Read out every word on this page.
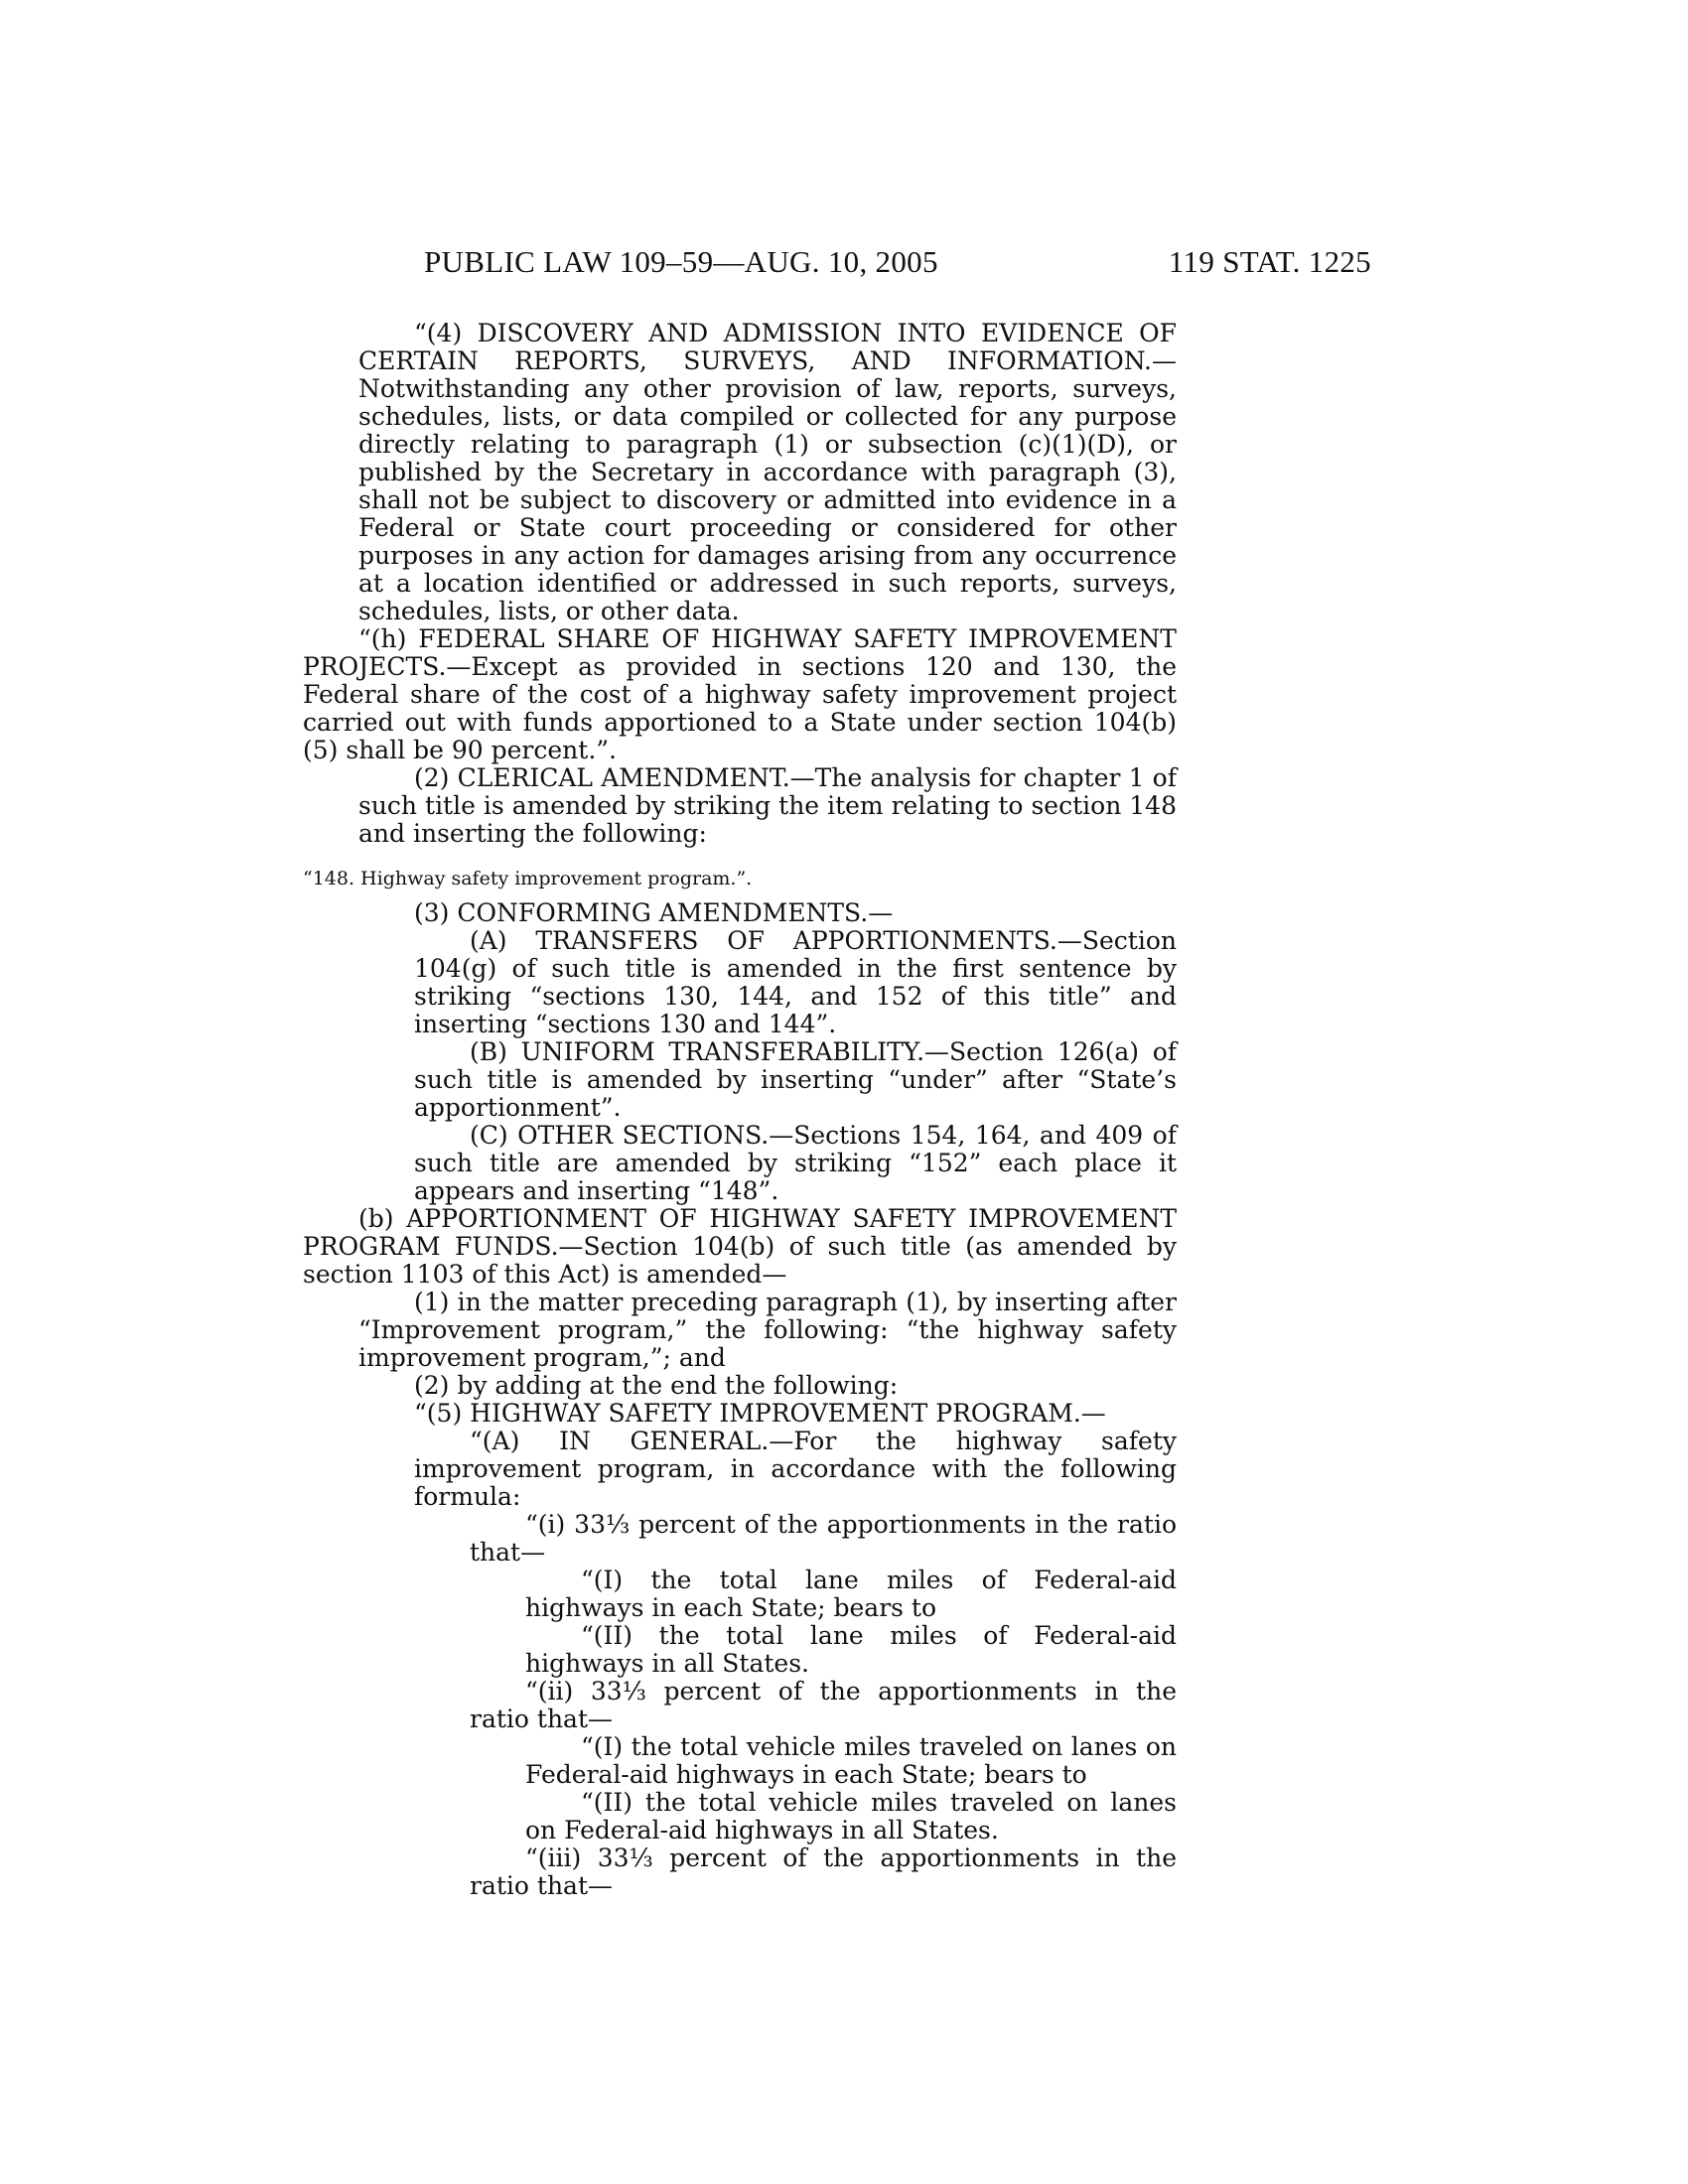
PUBLIC LAW 109–59—AUG. 10, 2005	119 STAT. 1225

“(4) DISCOVERY AND ADMISSION INTO EVIDENCE OF CERTAIN REPORTS, SURVEYS, AND INFORMATION.—Notwithstanding any other provision of law, reports, surveys, schedules, lists, or data compiled or collected for any purpose directly relating to paragraph (1) or subsection (c)(1)(D), or published by the Secretary in accordance with paragraph (3), shall not be subject to discovery or admitted into evidence in a Federal or State court proceeding or considered for other purposes in any action for damages arising from any occurrence at a location identified or addressed in such reports, surveys, schedules, lists, or other data.

“(h) FEDERAL SHARE OF HIGHWAY SAFETY IMPROVEMENT PROJECTS.—Except as provided in sections 120 and 130, the Federal share of the cost of a highway safety improvement project carried out with funds apportioned to a State under section 104(b)(5) shall be 90 percent.”.

(2) CLERICAL AMENDMENT.—The analysis for chapter 1 of such title is amended by striking the item relating to section 148 and inserting the following:

“148. Highway safety improvement program.”.

(3) CONFORMING AMENDMENTS.—

(A) TRANSFERS OF APPORTIONMENTS.—Section 104(g) of such title is amended in the first sentence by striking “sections 130, 144, and 152 of this title” and inserting “sections 130 and 144”.

(B) UNIFORM TRANSFERABILITY.—Section 126(a) of such title is amended by inserting “under” after “State’s apportionment”.

(C) OTHER SECTIONS.—Sections 154, 164, and 409 of such title are amended by striking “152” each place it appears and inserting “148”.

(b) APPORTIONMENT OF HIGHWAY SAFETY IMPROVEMENT PROGRAM FUNDS.—Section 104(b) of such title (as amended by section 1103 of this Act) is amended—

(1) in the matter preceding paragraph (1), by inserting after “Improvement program,” the following: “the highway safety improvement program,”; and

(2) by adding at the end the following:

“(5) HIGHWAY SAFETY IMPROVEMENT PROGRAM.—

“(A) IN GENERAL.—For the highway safety improvement program, in accordance with the following formula:

“(i) 33⅓ percent of the apportionments in the ratio that—

“(I) the total lane miles of Federal-aid highways in each State; bears to

“(II) the total lane miles of Federal-aid highways in all States.

“(ii) 33⅓ percent of the apportionments in the ratio that—

“(I) the total vehicle miles traveled on lanes on Federal-aid highways in each State; bears to

“(II) the total vehicle miles traveled on lanes on Federal-aid highways in all States.

“(iii) 33⅓ percent of the apportionments in the ratio that—
